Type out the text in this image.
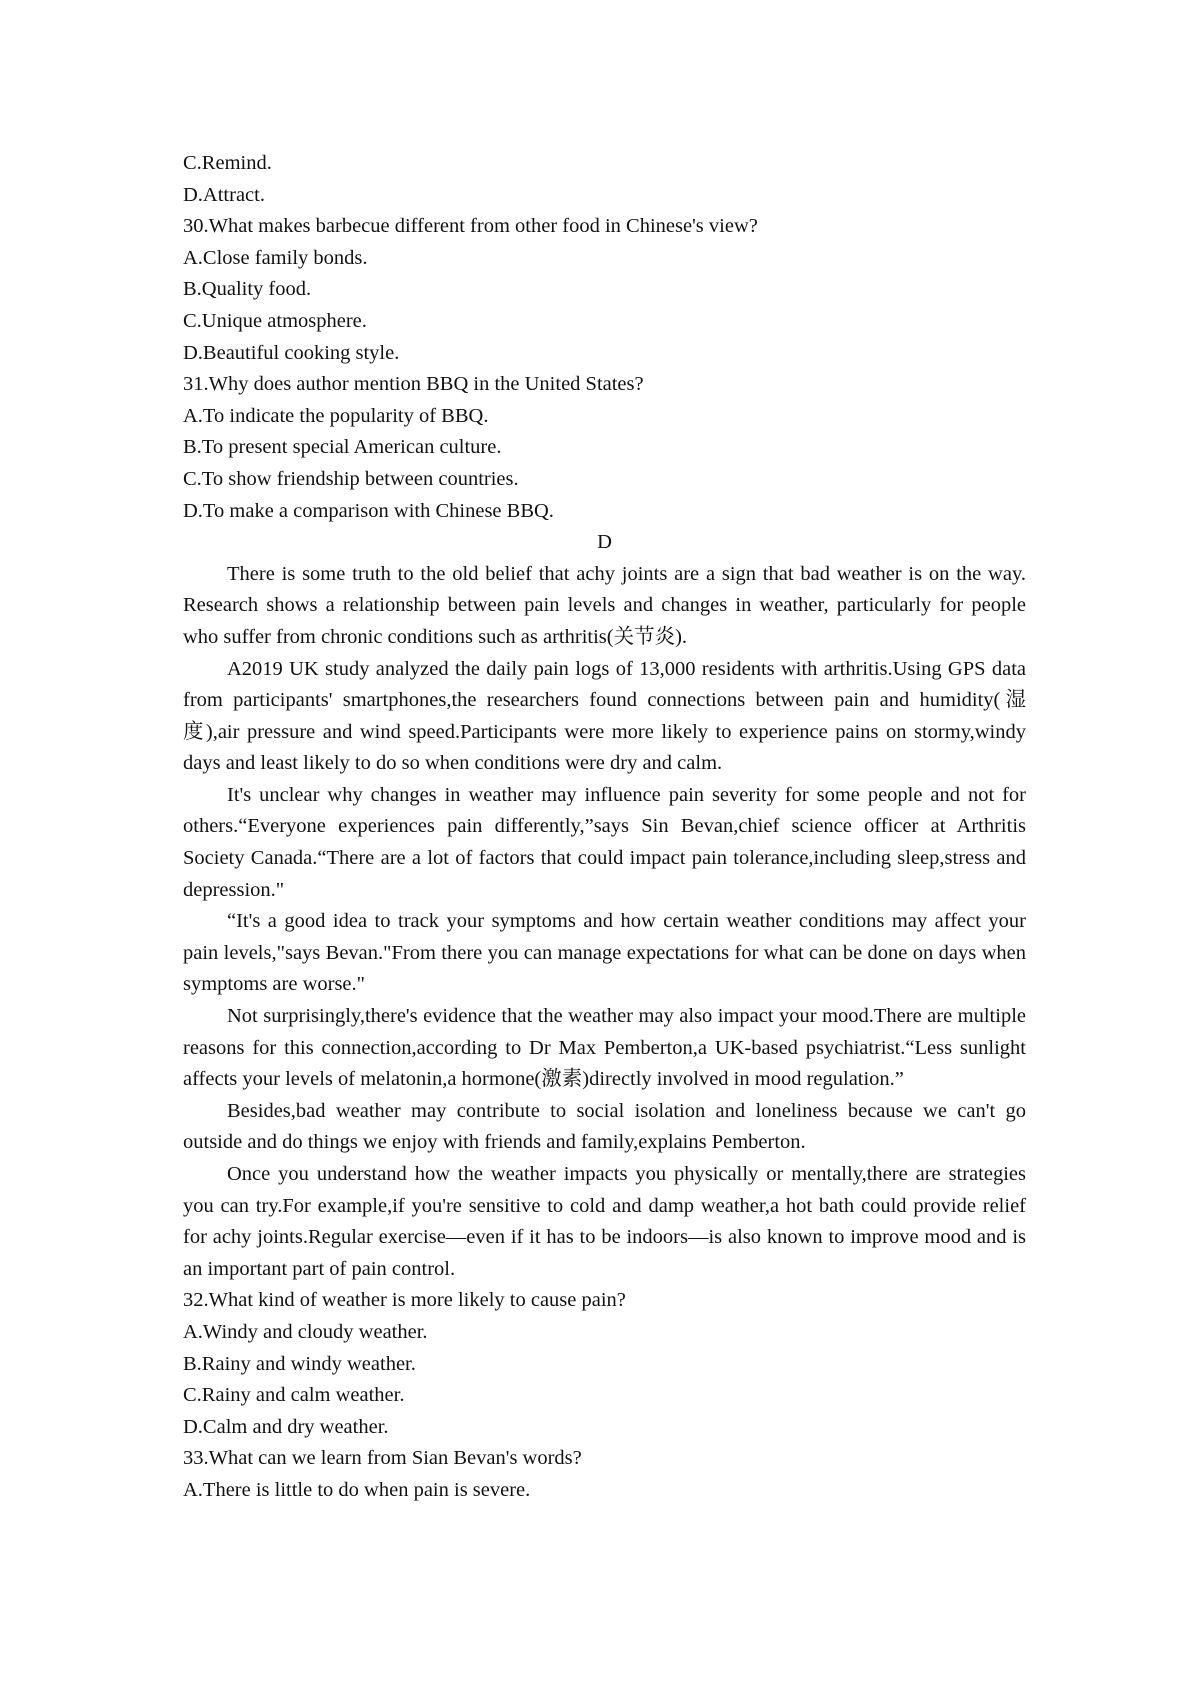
C.Remind.

D.Attract.

30.What makes barbecue different from other food in Chinese's view?

A.Close family bonds.

B.Quality food.

C.Unique atmosphere.

D.Beautiful cooking style.

31.Why does author mention BBQ in the United States?

A.To indicate the popularity of BBQ.

B.To present special American culture.

C.To show friendship between countries.

D.To make a comparison with Chinese BBQ.

D

There is some truth to the old belief that achy joints are a sign that bad weather is on the way. Research shows a relationship between pain levels and changes in weather, particularly for people who suffer from chronic conditions such as arthritis(关节炎).

A2019 UK study analyzed the daily pain logs of 13,000 residents with arthritis.Using GPS data from participants' smartphones,the researchers found connections between pain and humidity(湿度),air pressure and wind speed.Participants were more likely to experience pains on stormy,windy days and least likely to do so when conditions were dry and calm.

It's unclear why changes in weather may influence pain severity for some people and not for others.“Everyone experiences pain differently,”says Sin Bevan,chief science officer at Arthritis Society Canada.“There are a lot of factors that could impact pain tolerance,including sleep,stress and depression."

“It's a good idea to track your symptoms and how certain weather conditions may affect your pain levels,"says Bevan."From there you can manage expectations for what can be done on days when symptoms are worse."

Not surprisingly,there's evidence that the weather may also impact your mood.There are multiple reasons for this connection,according to Dr Max Pemberton,a UK-based psychiatrist.“Less sunlight affects your levels of melatonin,a hormone(激素)directly involved in mood regulation.”

Besides,bad weather may contribute to social isolation and loneliness because we can't go outside and do things we enjoy with friends and family,explains Pemberton.

Once you understand how the weather impacts you physically or mentally,there are strategies you can try.For example,if you're sensitive to cold and damp weather,a hot bath could provide relief for achy joints.Regular exercise—even if it has to be indoors—is also known to improve mood and is an important part of pain control.

32.What kind of weather is more likely to cause pain?

A.Windy and cloudy weather.

B.Rainy and windy weather.

C.Rainy and calm weather.

D.Calm and dry weather.

33.What can we learn from Sian Bevan's words?

A.There is little to do when pain is severe.
